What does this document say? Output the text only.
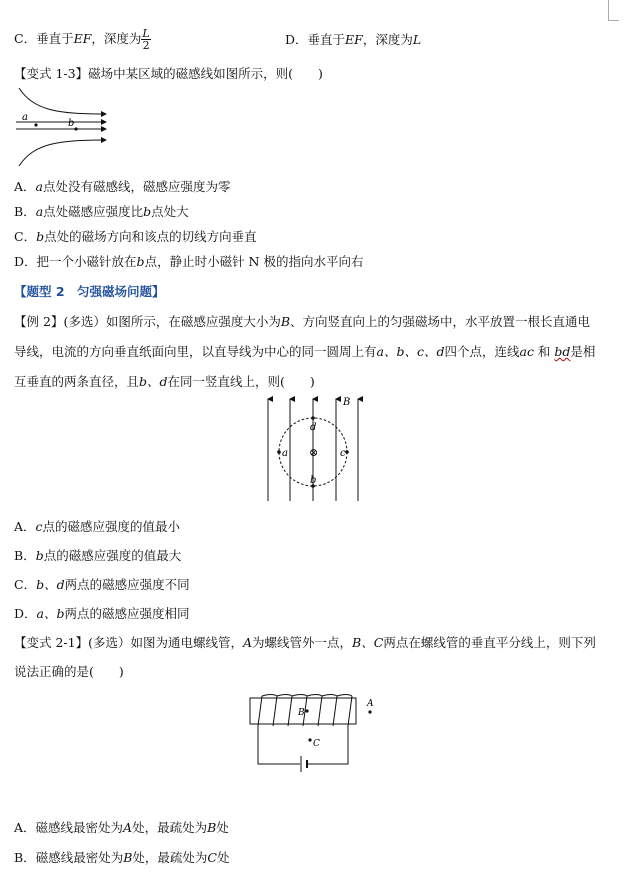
C．垂直于EF，深度为 $\frac{L}{2}$	D．垂直于EF，深度为L
【变式 1-3】磁场中某区域的磁感线如图所示，则(　　)
a
b
A．a点处没有磁感线，磁感应强度为零
B．a点处磁感应强度比b点处大
C．b点处的磁场方向和该点的切线方向垂直
D．把一个小磁针放在b点，静止时小磁针 N 极的指向水平向右
【题型 2　匀强磁场问题】
【例 2】(多选）如图所示，在磁感应强度大小为B、方向竖直向上的匀强磁场中，水平放置一根长直通电
导线，电流的方向垂直纸面向里，以直导线为中心的同一圆周上有a、b、c、d四个点，连线ac 和 bd是相
互垂直的两条直径，且b、d在同一竖直线上，则(　　)
⊗
B
a	c
d
b
A．c点的磁感应强度的值最小
B．b点的磁感应强度的值最大
C．b、d两点的磁感应强度不同
D．a、b两点的磁感应强度相同
【变式 2-1】(多选）如图为通电螺线管，A为螺线管外一点，B、C两点在螺线管的垂直平分线上，则下列
说法正确的是(　　)
B
A
C
A．磁感线最密处为A处，最疏处为B处
B．磁感线最密处为B处，最疏处为C处
